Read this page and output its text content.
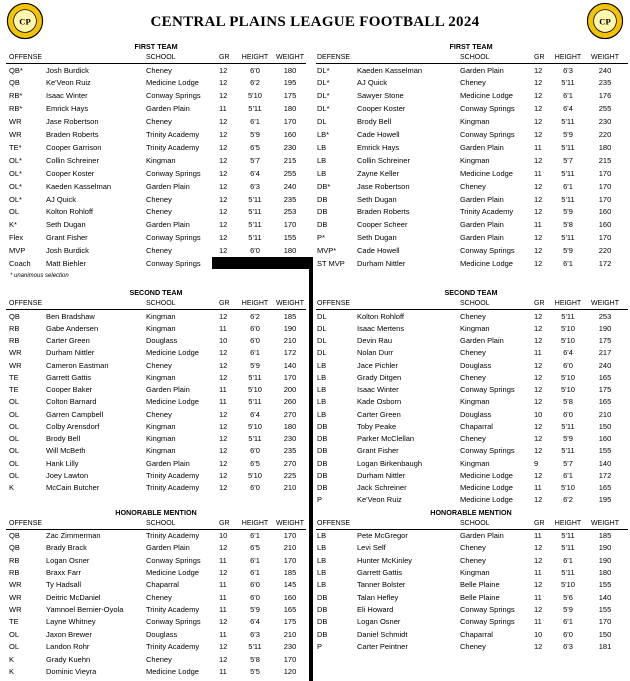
CENTRAL PLAINS LEAGUE FOOTBALL 2024
CP	CP
FIRST TEAM
OFFENSE	SCHOOL	GR HEIGHT WEIGHT
QB*	Josh Burdick	Cheney	12	6'0	180
QB	Ke'Veon Ruiz	Medicine Lodge	12	6'2	195
RB*	Isaac Winter	Conway Springs 12	5'10	175
RB*	Emrick Hays	Garden Plain	11	5'11	180
WR	Jase Robertson	Cheney	12	6'1	170
WR	Braden Roberts	Trinity Academy	12	5'9	160
TE*	Cooper Garrison	Trinity Academy	12	6'5	230
OL*	Collin Schreiner	Kingman	12	5'7	215
OL*	Cooper Koster	Conway Springs 12	6'4	255
OL*	Kaeden Kasselman	Garden Plain	12	6'3	240
OL*	AJ Quick	Cheney	12	5'11	235
OL	Kolton Rohloff	Cheney	12	5'11	253
K*	Seth Dugan	Garden Plain	12	5'11	170
Flex	Grant Fisher	Conway Springs 12	5'11	155
MVP	Josh Burdick	Cheney	12	6'0	180
Coach Matt Biehler	Conway Springs
SECOND TEAM
OFFENSE	SCHOOL	GR HEIGHT WEIGHT
QB	Ben Bradshaw	Kingman	12	6'2	185
RB	Gabe Andersen	Kingman	11	6'0	190
RB	Carter Green	Douglass	10	6'0	210
WR	Durham Nittler	Medicine Lodge	12	6'1	172
WR	Cameron Eastman	Cheney	12	5'9	140
TE	Garrett Gattis	Kingman	12	5'11	170
TE	Cooper Baker	Garden Plain	11	5'10	200
OL	Colton Barnard	Medicine Lodge	11	5'11	260
OL	Garren Campbell	Cheney	12	6'4	270
OL	Colby Arensdorf	Kingman	12	5'10	180
OL	Brody Bell	Kingman	12	5'11	230
OL	Will McBeth	Kingman	12	6'0	235
OL	Hank Lilly	Garden Plain	12	6'5	270
OL	Joey Lawton	Trinity Academy	12	5'10	225
K	McCain Butcher	Trinity Academy	12	6'0	210
HONORABLE MENTION
OFFENSE	SCHOOL	GR HEIGHT WEIGHT
QB	Zac Zimmerman	Trinity Academy	10	6'1	170
QB	Brady Brack	Garden Plain	12	6'5	210
RB	Logan Osner	Conway Springs 11	6'1	170
RB	Braxx Farr	Medicine Lodge	12	6'1	185
WR	Ty Hadsall	Chaparral	11	6'0	145
WR	Deitric McDaniel	Cheney	11	6'0	160
WR	Yamnoel Bernier-Oyola	Trinity Academy	11	5'9	165
TE	Layne Whitney	Conway Springs 12	6'4	175
OL	Jaxon Brewer	Douglass	11	6'3	210
OL	Landon Rohr	Trinity Academy	12	5'11	230
K	Grady Kuehn	Cheney	12	5'8	170
K	Dominic Vieyra	Medicine Lodge	11	5'5	120
FIRST TEAM
DEFENSE	SCHOOL	GR	HEIGHT	WEIGHT
DL*	Kaeden Kasselman	Garden Plain	12	6'3	240
DL*	AJ Quick	Cheney	12	5'11	235
DL*	Sawyer Stone	Medicine Lodge	12	6'1	176
DL*	Cooper Koster	Conway Springs	12	6'4	255
DL	Brody Bell	Kingman	12	5'11	230
LB*	Cade Howell	Conway Springs	12	5'9	220
LB	Emrick Hays	Garden Plain	11	5'11	180
LB	Collin Schreiner	Kingman	12	5'7	215
LB	Zayne Keller	Medicine Lodge	11	5'11	170
DB*	Jase Robertson	Cheney	12	6'1	170
DB	Seth Dugan	Garden Plain	12	5'11	170
DB	Braden Roberts	Trinity Academy	12	5'9	160
DB	Cooper Scheer	Garden Plain	11	5'8	160
P*	Seth Dugan	Garden Plain	12	5'11	170
MVP*	Cade Howell	Conway Springs	12	5'9	220
ST MVP Durham Nittler	Medicine Lodge	12	6'1	172
SECOND TEAM
OFFENSE	SCHOOL	GR	HEIGHT	WEIGHT
DL	Kolton Rohloff	Cheney	12	5'11	253
DL	Isaac Mertens	Kingman	12	5'10	190
DL	Devin Rau	Garden Plain	12	5'10	175
DL	Nolan Durr	Cheney	11	6'4	217
LB	Jace Pichler	Douglass	12	6'0	240
LB	Grady Ditgen	Cheney	12	5'10	165
LB	Isaac Winter	Conway Springs	12	5'10	175
LB	Kade Osborn	Kingman	12	5'8	165
LB	Carter Green	Douglass	10	6'0	210
DB	Toby Peake	Chaparral	12	5'11	150
DB	Parker McClellan	Cheney	12	5'9	160
DB	Grant Fisher	Conway Springs	12	5'11	155
DB	Logan Birkenbaugh	Kingman	9	5'7	140
DB	Durham Nittler	Medicine Lodge	12	6'1	172
DB	Jack Schreiner	Medicine Lodge	11	5'10	165
P	Ke'Veon Ruiz	Medicine Lodge	12	6'2	195
HONORABLE MENTION
OFFENSE	SCHOOL	GR	HEIGHT	WEIGHT
LB	Pete McGregor	Garden Plain	11	5'11	185
LB	Levi Self	Cheney	12	5'11	190
LB	Hunter McKinley	Cheney	12	6'1	190
LB	Garrett Gattis	Kingman	11	5'11	180
LB	Tanner Bolster	Belle Plaine	12	5'10	155
DB	Talan Hefley	Belle Plaine	11	5'6	140
DB	Eli Howard	Conway Springs	12	5'9	155
DB	Logan Osner	Conway Springs	11	6'1	170
DB	Daniel Schmidt	Chaparral	10	6'0	150
P	Carter Peintner	Cheney	12	6'3	181
* unanimous selection
